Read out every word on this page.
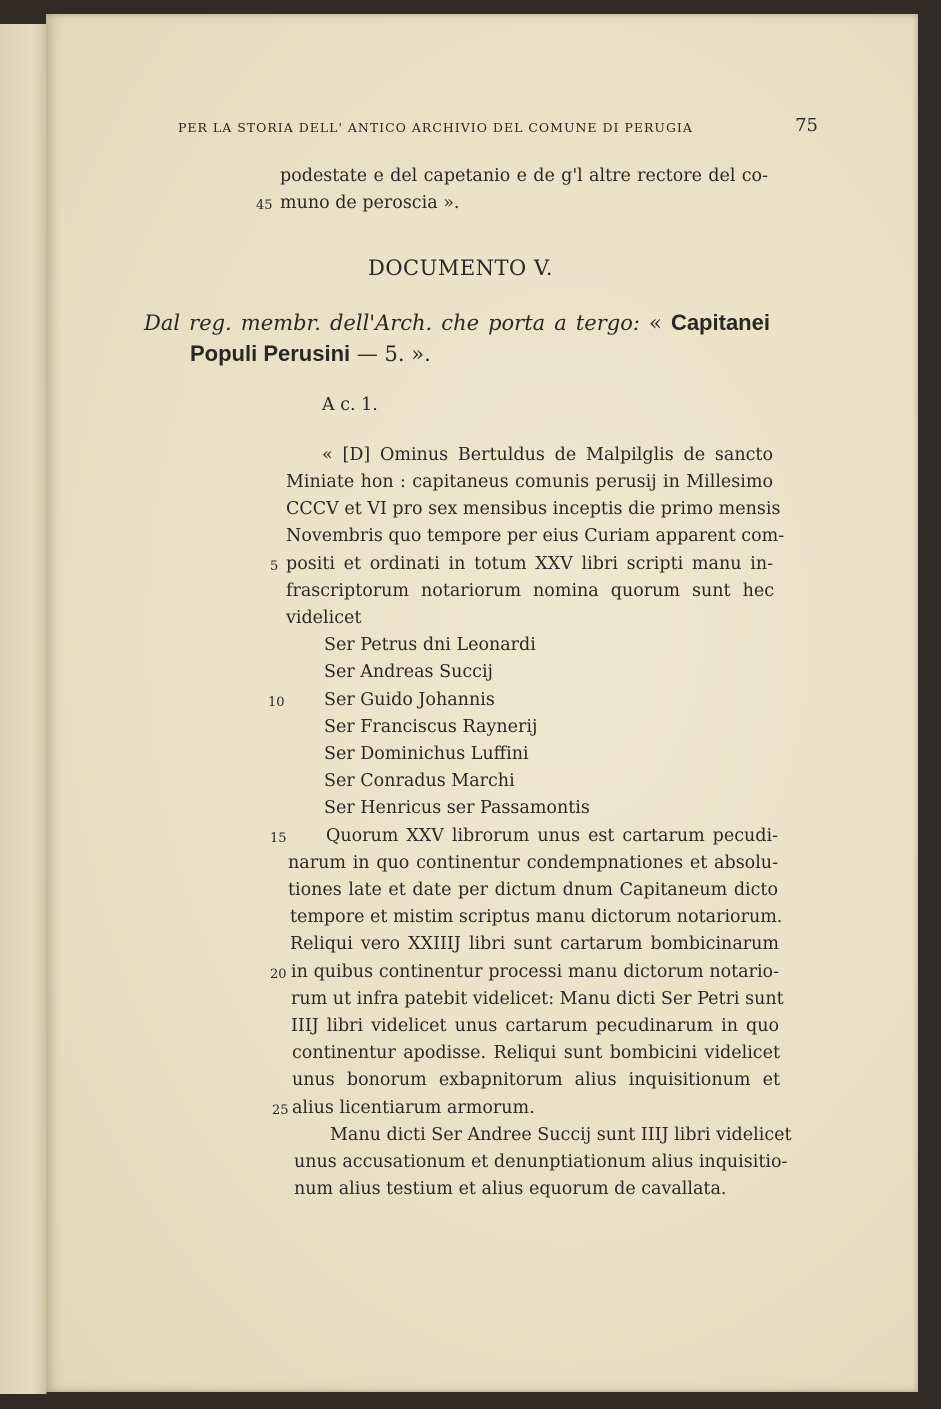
PER LA STORIA DELL' ANTICO ARCHIVIO DEL COMUNE DI PERUGIA	75
podestate e del capetanio e de g'l altre rectore del co-
45 muno de peroscia ».
DOCUMENTO V.
Dal reg. membr. dell'Arch. che porta a tergo: « Capitanei
Populi Perusini — 5. ».
A c. 1.
« [D] Ominus Bertuldus de Malpilglis de sancto
Miniate hon : capitaneus comunis perusij in Millesimo
CCCV et VI pro sex mensibus inceptis die primo mensis
Novembris quo tempore per eius Curiam apparent com-
5 positi et ordinati in totum XXV libri scripti manu in-
frascriptorum notariorum nomina quorum sunt hec
videlicet
Ser Petrus dni Leonardi
Ser Andreas Succij
10 Ser Guido Johannis
Ser Franciscus Raynerij
Ser Dominichus Luffini
Ser Conradus Marchi
Ser Henricus ser Passamontis
15 Quorum XXV librorum unus est cartarum pecudi-
narum in quo continentur condempnationes et absolu-
tiones late et date per dictum dnum Capitaneum dicto
tempore et mistim scriptus manu dictorum notariorum.
Reliqui vero XXIIIJ libri sunt cartarum bombicinarum
20 in quibus continentur processi manu dictorum notario-
rum ut infra patebit videlicet: Manu dicti Ser Petri sunt
IIIJ libri videlicet unus cartarum pecudinarum in quo
continentur apodisse. Reliqui sunt bombicini videlicet
unus bonorum exbapnitorum alius inquisitionum et
25 alius licentiarum armorum.
Manu dicti Ser Andree Succij sunt IIIJ libri videlicet
unus accusationum et denunptiationum alius inquisitio-
num alius testium et alius equorum de cavallata.
